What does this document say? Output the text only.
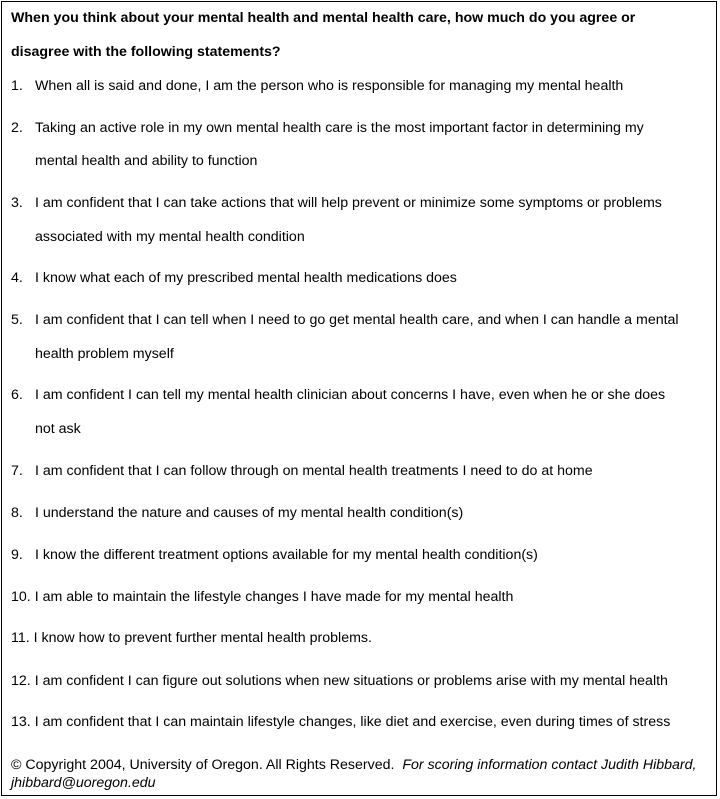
When you think about your mental health and mental health care, how much do you agree or
disagree with the following statements?
1. When all is said and done, I am the person who is responsible for managing my mental health
2. Taking an active role in my own mental health care is the most important factor in determining my
mental health and ability to function
3. I am confident that I can take actions that will help prevent or minimize some symptoms or problems
associated with my mental health condition
4. I know what each of my prescribed mental health medications does
5. I am confident that I can tell when I need to go get mental health care, and when I can handle a mental
health problem myself
6. I am confident I can tell my mental health clinician about concerns I have, even when he or she does
not ask
7. I am confident that I can follow through on mental health treatments I need to do at home
8. I understand the nature and causes of my mental health condition(s)
9. I know the different treatment options available for my mental health condition(s)
10. I am able to maintain the lifestyle changes I have made for my mental health
11. I know how to prevent further mental health problems.
12. I am confident I can figure out solutions when new situations or problems arise with my mental health
13. I am confident that I can maintain lifestyle changes, like diet and exercise, even during times of stress
© Copyright 2004, University of Oregon. All Rights Reserved. For scoring information contact Judith Hibbard, jhibbard@uoregon.edu
